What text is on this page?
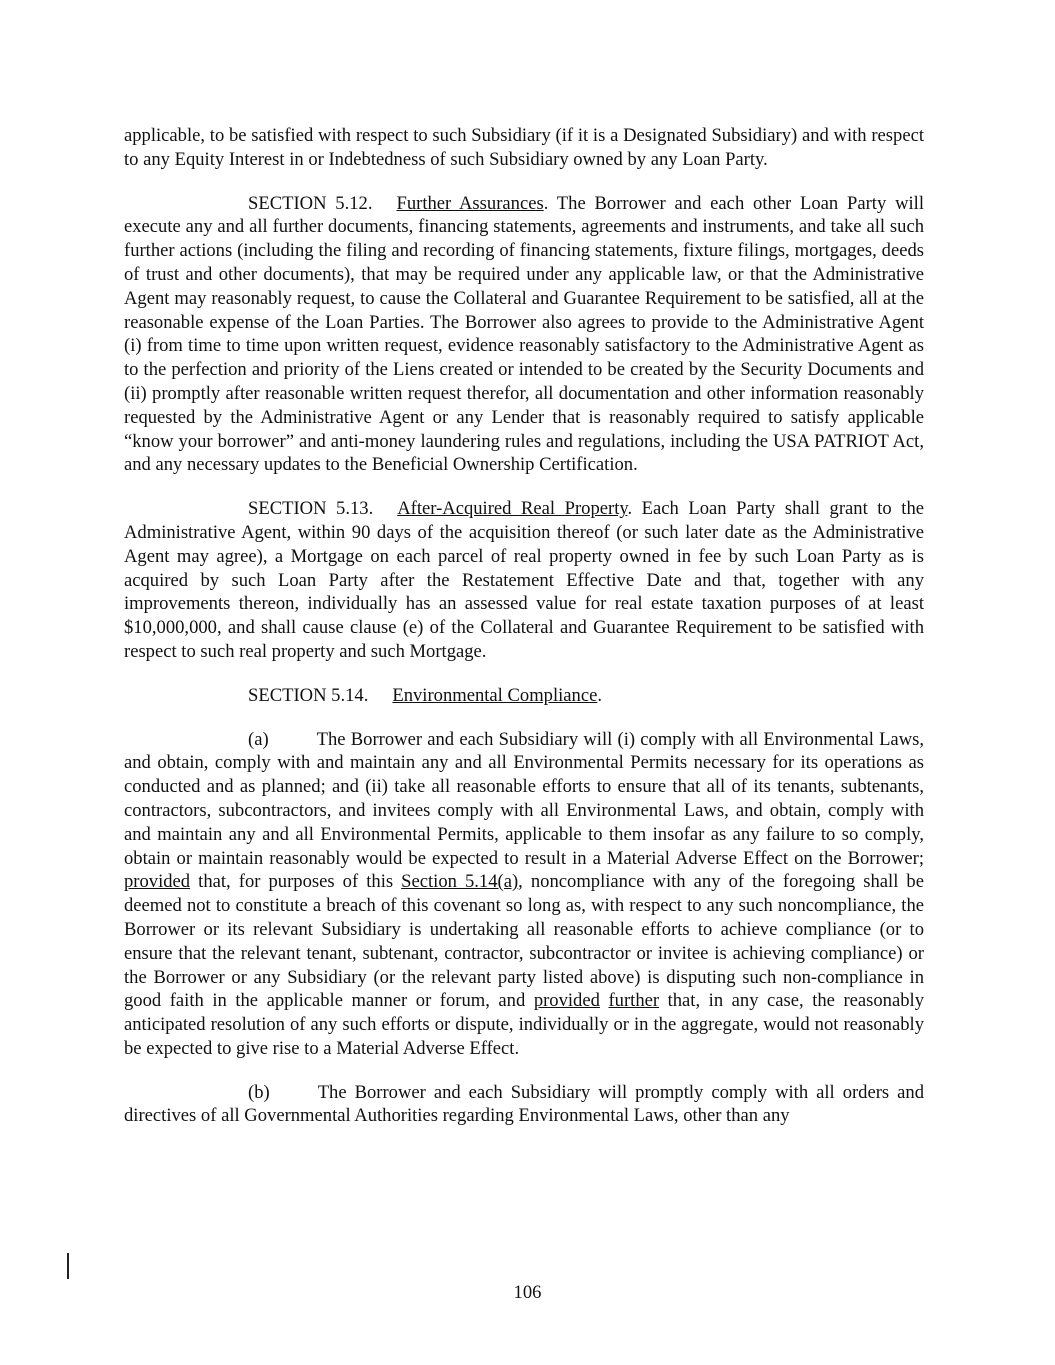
applicable, to be satisfied with respect to such Subsidiary (if it is a Designated Subsidiary) and with respect to any Equity Interest in or Indebtedness of such Subsidiary owned by any Loan Party.

SECTION 5.12. Further Assurances. The Borrower and each other Loan Party will execute any and all further documents, financing statements, agreements and instruments, and take all such further actions (including the filing and recording of financing statements, fixture filings, mortgages, deeds of trust and other documents), that may be required under any applicable law, or that the Administrative Agent may reasonably request, to cause the Collateral and Guarantee Requirement to be satisfied, all at the reasonable expense of the Loan Parties. The Borrower also agrees to provide to the Administrative Agent (i) from time to time upon written request, evidence reasonably satisfactory to the Administrative Agent as to the perfection and priority of the Liens created or intended to be created by the Security Documents and (ii) promptly after reasonable written request therefor, all documentation and other information reasonably requested by the Administrative Agent or any Lender that is reasonably required to satisfy applicable “know your borrower” and anti-money laundering rules and regulations, including the USA PATRIOT Act, and any necessary updates to the Beneficial Ownership Certification.

SECTION 5.13. After-Acquired Real Property. Each Loan Party shall grant to the Administrative Agent, within 90 days of the acquisition thereof (or such later date as the Administrative Agent may agree), a Mortgage on each parcel of real property owned in fee by such Loan Party as is acquired by such Loan Party after the Restatement Effective Date and that, together with any improvements thereon, individually has an assessed value for real estate taxation purposes of at least $10,000,000, and shall cause clause (e) of the Collateral and Guarantee Requirement to be satisfied with respect to such real property and such Mortgage.

SECTION 5.14. Environmental Compliance.

(a)	The Borrower and each Subsidiary will (i) comply with all Environmental Laws, and obtain, comply with and maintain any and all Environmental Permits necessary for its operations as conducted and as planned; and (ii) take all reasonable efforts to ensure that all of its tenants, subtenants, contractors, subcontractors, and invitees comply with all Environmental Laws, and obtain, comply with and maintain any and all Environmental Permits, applicable to them insofar as any failure to so comply, obtain or maintain reasonably would be expected to result in a Material Adverse Effect on the Borrower; provided that, for purposes of this Section 5.14(a), noncompliance with any of the foregoing shall be deemed not to constitute a breach of this covenant so long as, with respect to any such noncompliance, the Borrower or its relevant Subsidiary is undertaking all reasonable efforts to achieve compliance (or to ensure that the relevant tenant, subtenant, contractor, subcontractor or invitee is achieving compliance) or the Borrower or any Subsidiary (or the relevant party listed above) is disputing such non-compliance in good faith in the applicable manner or forum, and provided further that, in any case, the reasonably anticipated resolution of any such efforts or dispute, individually or in the aggregate, would not reasonably be expected to give rise to a Material Adverse Effect.

(b)	The Borrower and each Subsidiary will promptly comply with all orders and directives of all Governmental Authorities regarding Environmental Laws, other than any

106
